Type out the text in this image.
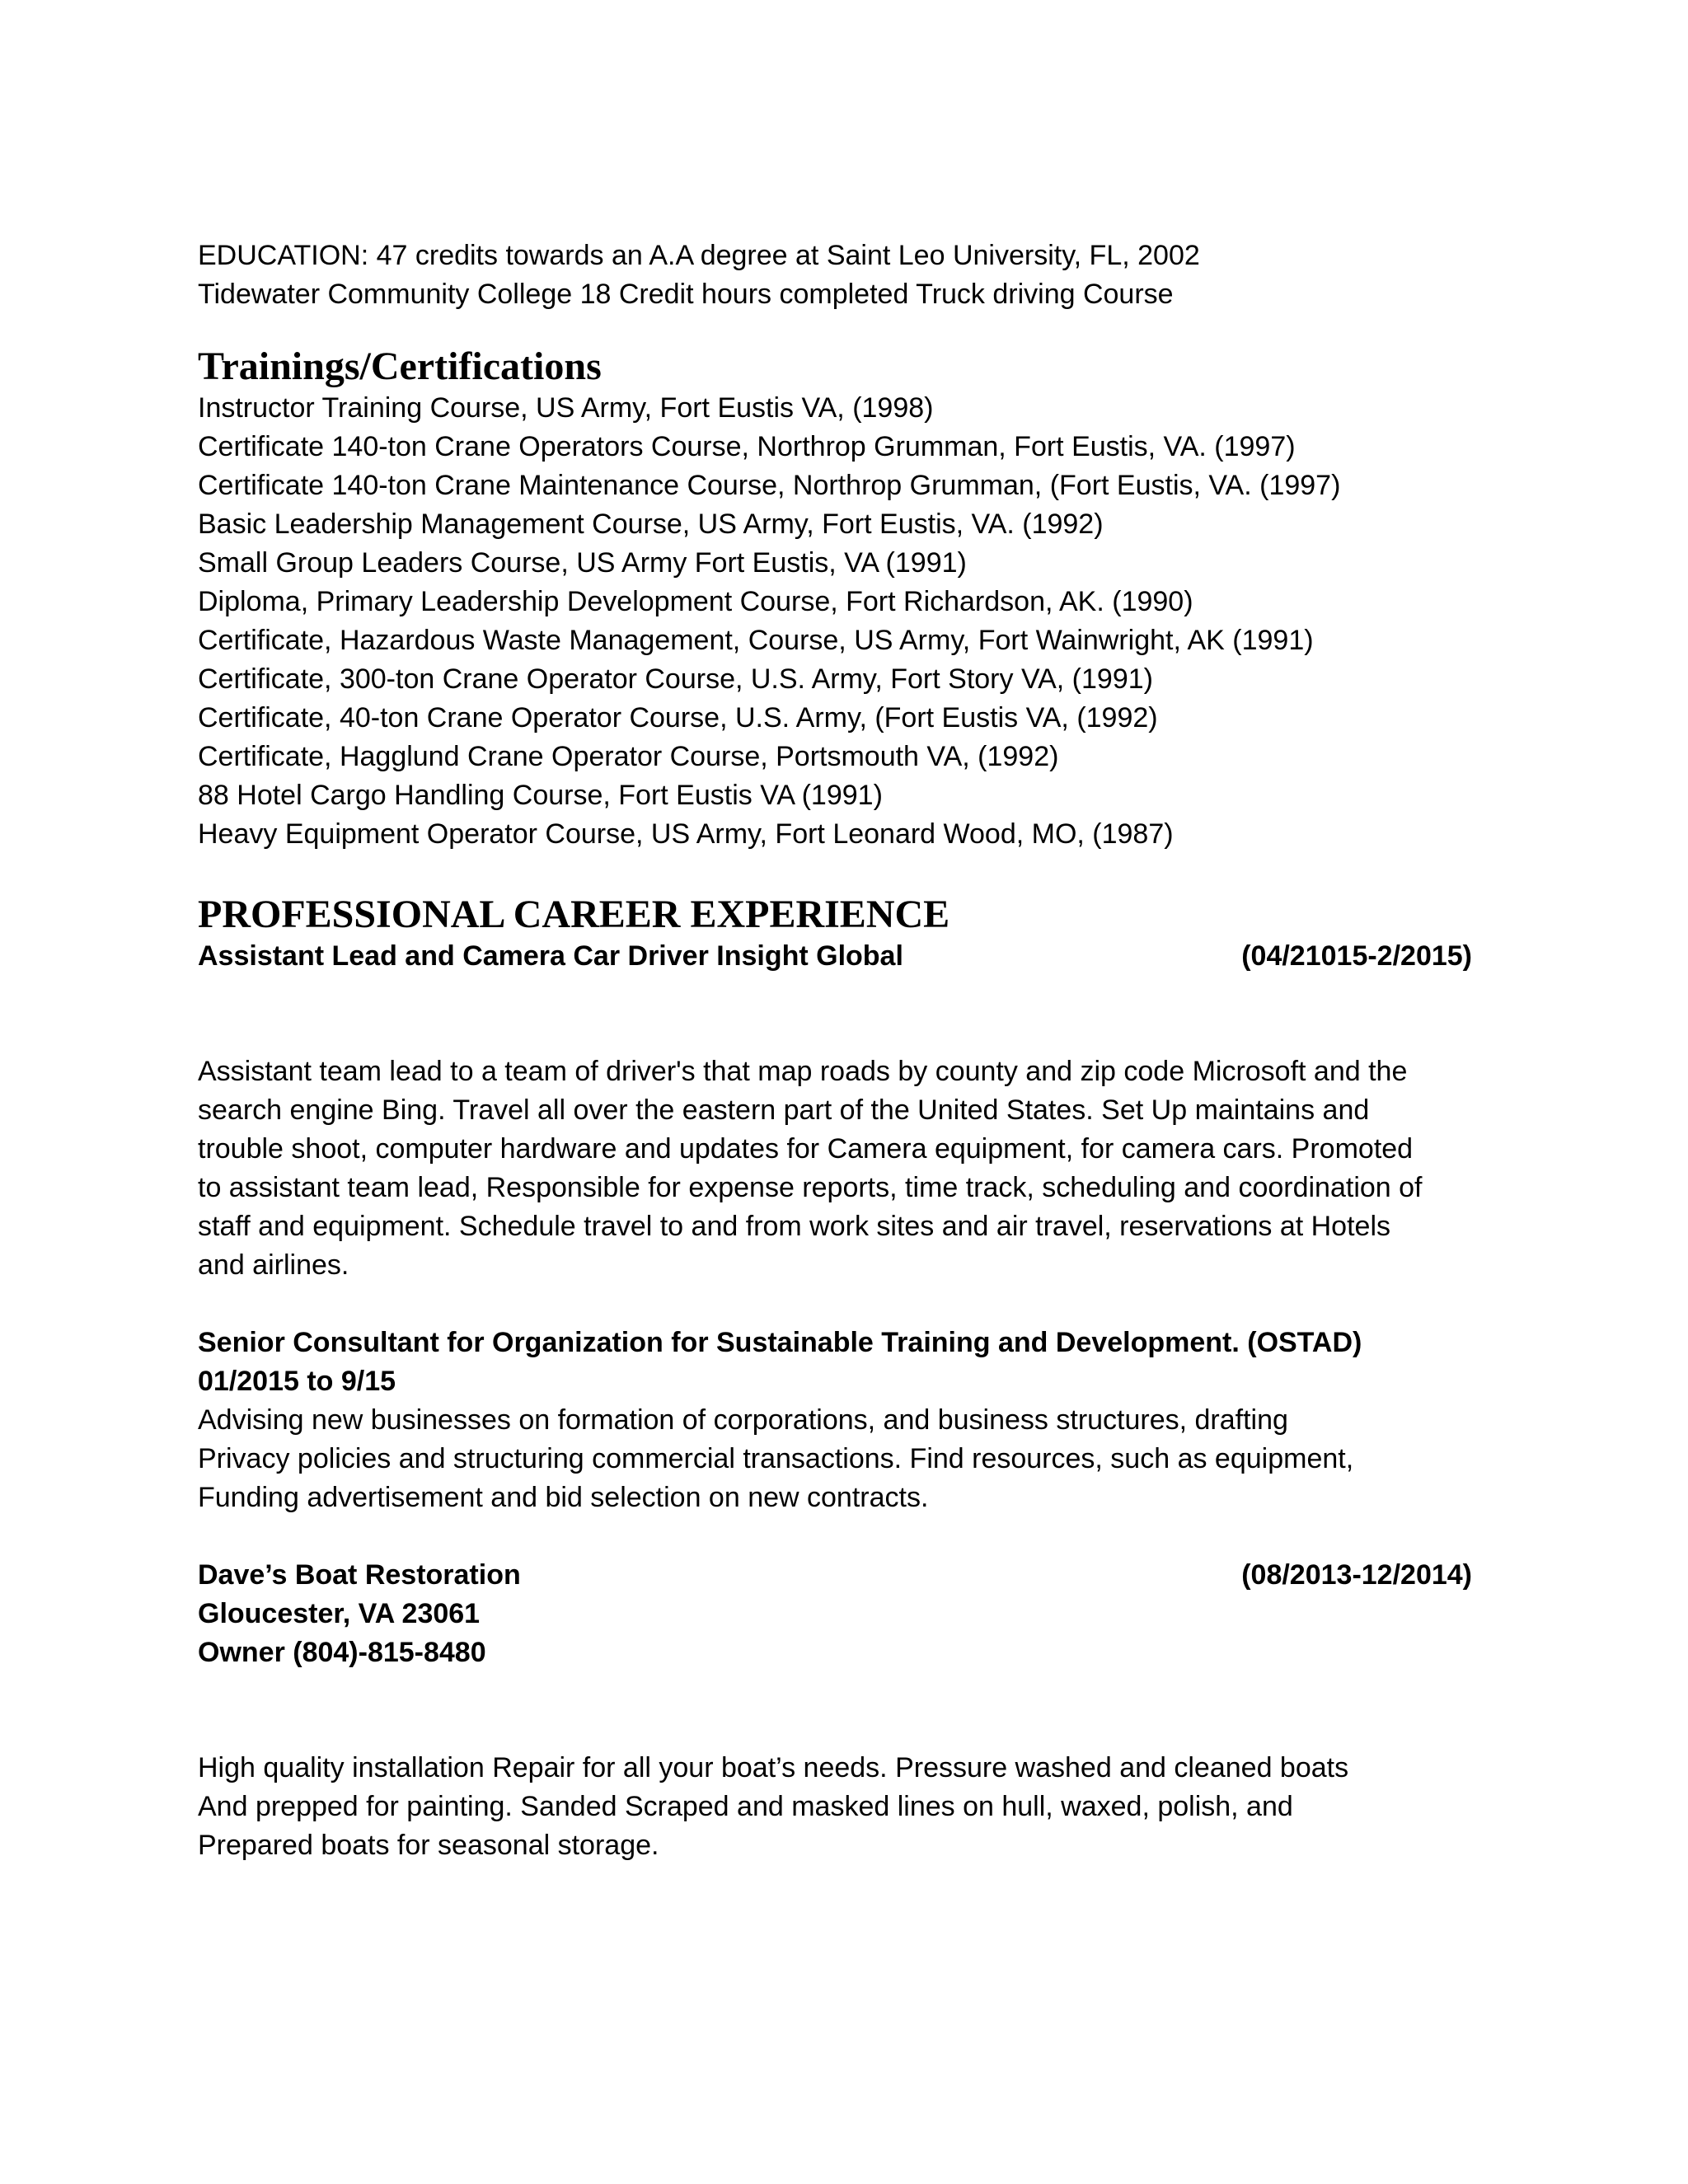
EDUCATION: 47 credits towards an A.A degree at Saint Leo University, FL, 2002

Tidewater Community College 18 Credit hours completed Truck driving Course

Trainings/Certifications
Instructor Training Course, US Army, Fort Eustis VA, (1998)
Certificate 140-ton Crane Operators Course, Northrop Grumman, Fort Eustis, VA. (1997)
Certificate 140-ton Crane Maintenance Course, Northrop Grumman, (Fort Eustis, VA. (1997)
Basic Leadership Management Course, US Army, Fort Eustis, VA. (1992)
Small Group Leaders Course, US Army Fort Eustis, VA (1991)
Diploma, Primary Leadership Development Course, Fort Richardson, AK. (1990)
Certificate, Hazardous Waste Management, Course, US Army, Fort Wainwright, AK (1991)
Certificate, 300-ton Crane Operator Course, U.S. Army, Fort Story VA, (1991)
Certificate, 40-ton Crane Operator Course, U.S. Army, (Fort Eustis VA, (1992)
Certificate, Hagglund Crane Operator Course, Portsmouth VA, (1992)
88 Hotel Cargo Handling Course, Fort Eustis VA (1991)
Heavy Equipment Operator Course, US Army, Fort Leonard Wood, MO, (1987)
PROFESSIONAL CAREER EXPERIENCE
Assistant Lead and Camera Car Driver Insight Global	(04/21015-2/2015)

Assistant team lead to a team of driver's that map roads by county and zip code Microsoft and the

search engine Bing. Travel all over the eastern part of the United States. Set Up maintains and

trouble shoot, computer hardware and updates for Camera equipment, for camera cars. Promoted

to assistant team lead, Responsible for expense reports, time track, scheduling and coordination of

staff and equipment. Schedule travel to and from work sites and air travel, reservations at Hotels

and airlines.

Senior Consultant for Organization for Sustainable Training and Development. (OSTAD)

01/2015 to 9/15

Advising new businesses on formation of corporations, and business structures, drafting

Privacy policies and structuring commercial transactions. Find resources, such as equipment,

Funding advertisement and bid selection on new contracts.

Dave’s Boat Restoration	(08/2013-12/2014)

Gloucester, VA 23061

Owner (804)-815-8480

High quality installation Repair for all your boat’s needs. Pressure washed and cleaned boats

And prepped for painting. Sanded Scraped and masked lines on hull, waxed, polish, and

Prepared boats for seasonal storage.
